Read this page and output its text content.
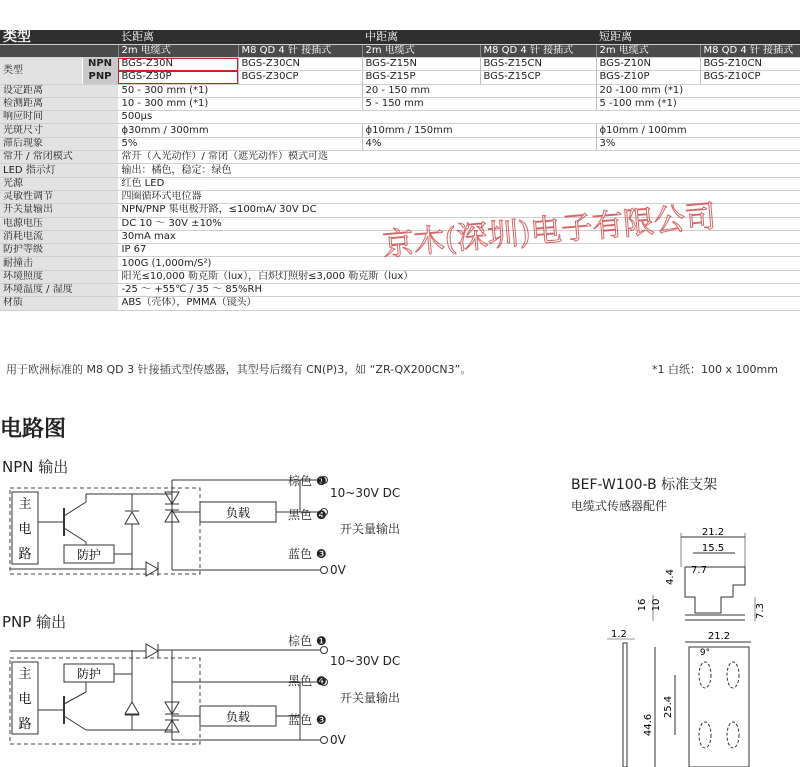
类型		长距离		中距离		短距离	
		2m 电缆式	M8 QD 4 针 接插式	2m 电缆式	M8 QD 4 针 接插式	2m 电缆式	M8 QD 4 针 接插式
类型	NPN	BGS-Z30N	BGS-Z30CN	BGS-Z15N	BGS-Z15CN	BGS-Z10N	BGS-Z10CN
	PNP	BGS-Z30P	BGS-Z30CP	BGS-Z15P	BGS-Z15CP	BGS-Z10P	BGS-Z10CP
设定距离		50 - 300 mm (*1)		20 - 150 mm		20 -100 mm (*1)	
检测距离		10 - 300 mm (*1)		5 - 150 mm		5 -100 mm (*1)	
响应时间		500μs					
光斑尺寸		ϕ30mm / 300mm		ϕ10mm / 150mm		ϕ10mm / 100mm	
滞后现象		5%		4%		3%	
常开 / 常闭模式		常开（入光动作）/ 常闭（遮光动作）模式可选					
LED 指示灯		输出：橘色，稳定：绿色					
光源		红色 LED					
灵敏性调节		四圈循环式电位器					
开关量输出		NPN/PNP 集电极开路，≤100mA/ 30V DC					
电源电压		DC 10 ～ 30V ±10%					
消耗电流		30mA max					
防护等级		IP 67					
耐撞击		100G (1,000m/S²)					
环境照度		阳光≤10,000 勒克斯（lux），白炽灯照射≤3,000 勒克斯（lux）					
环境温度 / 湿度		-25 ～ +55℃ / 35 ～ 85%RH					
材质		ABS（壳体），PMMA（镜头）					
京木(深圳)电子有限公司
用于欧洲标准的 M8 QD 3 针接插式型传感器，其型号后缀有 CN(P)3，如 “ZR-QX200CN3”。	*1 白纸：100 x 100mm
电路图
NPN 输出
PNP 输出
主
电
路	防护
负载
棕色 ❶
10~30V DC
黑色 ❹
开关量输出
蓝色 ❸
0V
主
电
路
防护
负载
棕色 ❶
10~30V DC
黑色 ❹
开关量输出
蓝色 ❸
0V
BEF-W100-B 标准支架
电缆式传感器配件
21.2
15.5
7.7
4.4
16 10	7.3
1.2	21.2
9°
25.4
44.6
